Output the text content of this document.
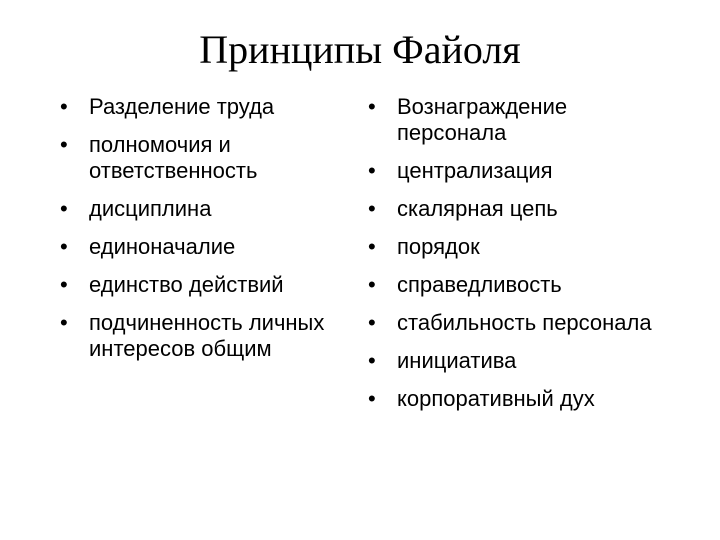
Принципы Файоля
• Разделение труда
• полномочия и ответственность
• дисциплина
• единоначалие
• единство действий
• подчиненность личных интересов общим
• Вознаграждение персонала
• централизация
• скалярная цепь
• порядок
• справедливость
• стабильность персонала
• инициатива
• корпоративный дух
